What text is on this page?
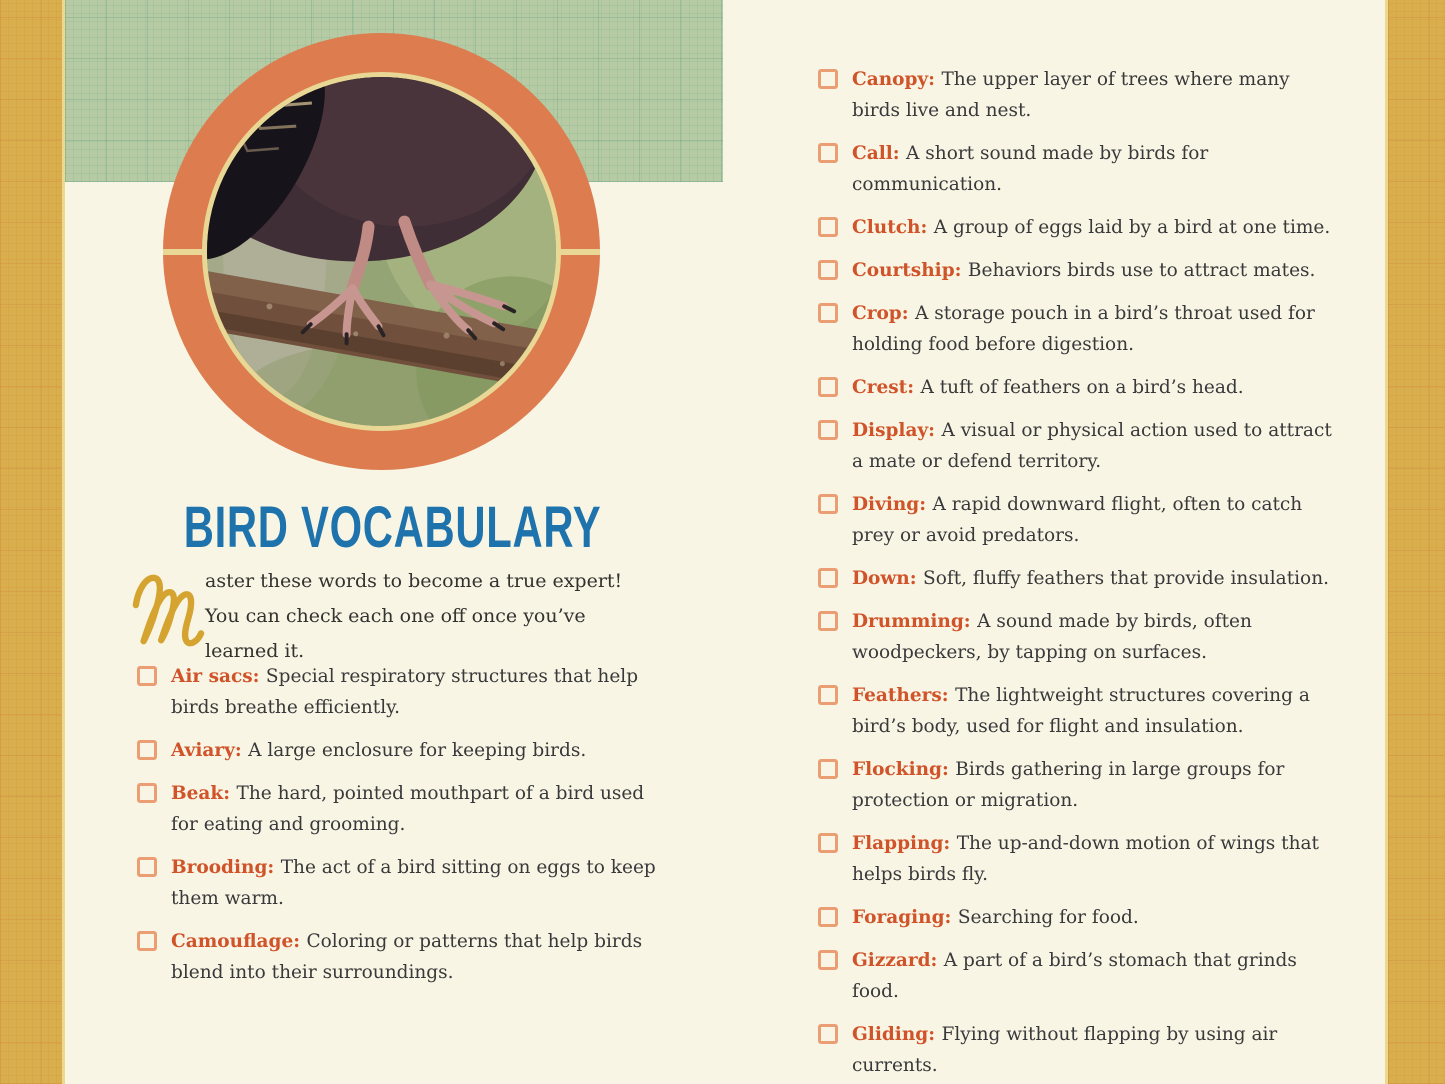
BIRD VOCABULARY

aster these words to become a true expert! You can check each one off once you’ve learned it.

Canopy: The upper layer of trees where many birds live and nest.
Call: A short sound made by birds for communication.
Clutch: A group of eggs laid by a bird at one time.
Courtship: Behaviors birds use to attract mates.
Crop: A storage pouch in a bird’s throat used for holding food before digestion.
Crest: A tuft of feathers on a bird’s head.
Display: A visual or physical action used to attract a mate or defend territory.
Diving: A rapid downward flight, often to catch prey or avoid predators.
Down: Soft, fluffy feathers that provide insulation.
Drumming: A sound made by birds, often woodpeckers, by tapping on surfaces.
Feathers: The lightweight structures covering a bird’s body, used for flight and insulation.
Flocking: Birds gathering in large groups for protection or migration.
Flapping: The up-and-down motion of wings that helps birds fly.
Foraging: Searching for food.
Gizzard: A part of a bird’s stomach that grinds food.
Gliding: Flying without flapping by using air currents.
Air sacs: Special respiratory structures that help birds breathe efficiently.
Aviary: A large enclosure for keeping birds.
Beak: The hard, pointed mouthpart of a bird used for eating and grooming.
Brooding: The act of a bird sitting on eggs to keep them warm.
Camouflage: Coloring or patterns that help birds blend into their surroundings.
